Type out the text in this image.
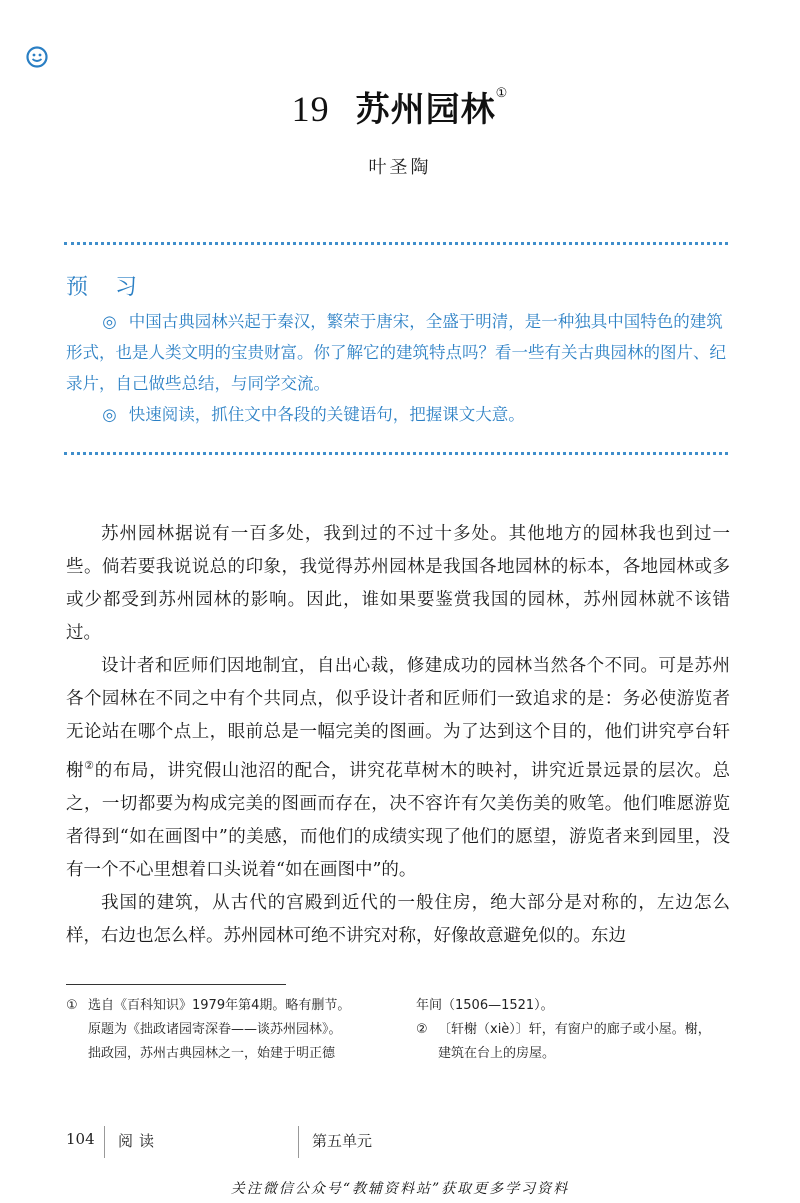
19 苏州园林①
叶圣陶
预 习

◎ 中国古典园林兴起于秦汉，繁荣于唐宋，全盛于明清，是一种独具中国特色的建筑形式，也是人类文明的宝贵财富。你了解它的建筑特点吗？看一些有关古典园林的图片、纪录片，自己做些总结，与同学交流。

◎ 快速阅读，抓住文中各段的关键语句，把握课文大意。

苏州园林据说有一百多处，我到过的不过十多处。其他地方的园林我也到过一些。倘若要我说说总的印象，我觉得苏州园林是我国各地园林的标本，各地园林或多或少都受到苏州园林的影响。因此，谁如果要鉴赏我国的园林，苏州园林就不该错过。

设计者和匠师们因地制宜，自出心裁，修建成功的园林当然各个不同。可是苏州各个园林在不同之中有个共同点，似乎设计者和匠师们一致追求的是：务必使游览者无论站在哪个点上，眼前总是一幅完美的图画。为了达到这个目的，他们讲究亭台轩榭②的布局，讲究假山池沼的配合，讲究花草树木的映衬，讲究近景远景的层次。总之，一切都要为构成完美的图画而存在，决不容许有欠美伤美的败笔。他们唯愿游览者得到“如在画图中”的美感，而他们的成绩实现了他们的愿望，游览者来到园里，没有一个不心里想着口头说着“如在画图中”的。

我国的建筑，从古代的宫殿到近代的一般住房，绝大部分是对称的，左边怎么样，右边也怎么样。苏州园林可绝不讲究对称，好像故意避免似的。东边

① 选自《百科知识》1979年第4期。略有删节。
原题为《拙政诸园寄深眷——谈苏州园林》。
拙政园，苏州古典园林之一，始建于明正德
年间（1506—1521）。
② 〔轩榭（xiè）〕轩，有窗户的廊子或小屋。榭，
建筑在台上的房屋。
104 阅读	第五单元
关注微信公众号“教辅资料站”获取更多学习资料
